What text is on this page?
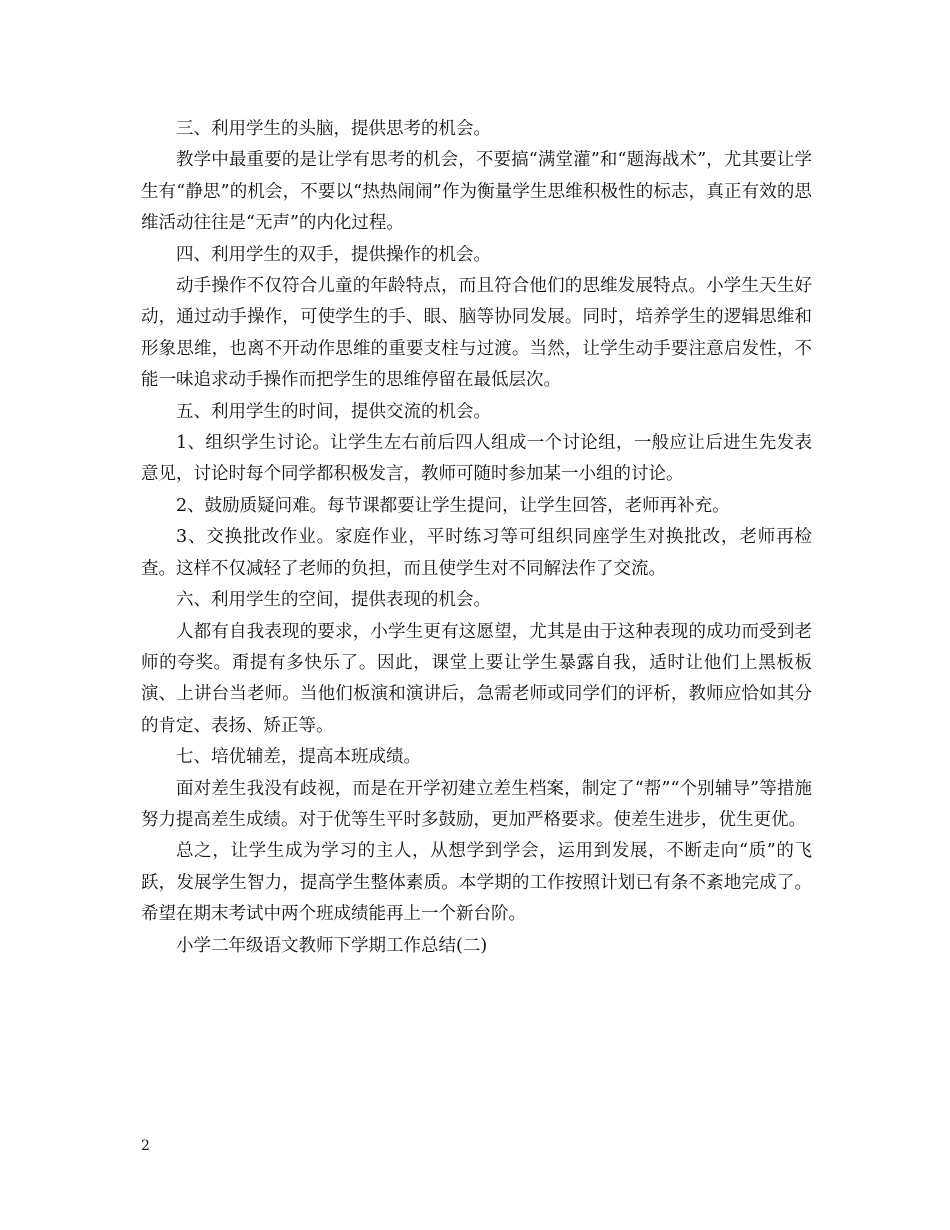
三、利用学生的头脑，提供思考的机会。

教学中最重要的是让学有思考的机会，不要搞“满堂灌”和“题海战术”，尤其要让学生有“静思”的机会，不要以“热热闹闹”作为衡量学生思维积极性的标志，真正有效的思维活动往往是“无声”的内化过程。

四、利用学生的双手，提供操作的机会。

动手操作不仅符合儿童的年龄特点，而且符合他们的思维发展特点。小学生天生好动，通过动手操作，可使学生的手、眼、脑等协同发展。同时，培养学生的逻辑思维和形象思维，也离不开动作思维的重要支柱与过渡。当然，让学生动手要注意启发性，不能一味追求动手操作而把学生的思维停留在最低层次。

五、利用学生的时间，提供交流的机会。

1、组织学生讨论。让学生左右前后四人组成一个讨论组，一般应让后进生先发表意见，讨论时每个同学都积极发言，教师可随时参加某一小组的讨论。

2、鼓励质疑问难。每节课都要让学生提问，让学生回答，老师再补充。

3、交换批改作业。家庭作业，平时练习等可组织同座学生对换批改，老师再检查。这样不仅减轻了老师的负担，而且使学生对不同解法作了交流。

六、利用学生的空间，提供表现的机会。

人都有自我表现的要求，小学生更有这愿望，尤其是由于这种表现的成功而受到老师的夸奖。甭提有多快乐了。因此，课堂上要让学生暴露自我，适时让他们上黑板板演、上讲台当老师。当他们板演和演讲后，急需老师或同学们的评析，教师应恰如其分的肯定、表扬、矫正等。

七、培优辅差，提高本班成绩。

面对差生我没有歧视，而是在开学初建立差生档案，制定了“帮”“个别辅导”等措施努力提高差生成绩。对于优等生平时多鼓励，更加严格要求。使差生进步，优生更优。

总之，让学生成为学习的主人，从想学到学会，运用到发展，不断走向“质”的飞跃，发展学生智力，提高学生整体素质。本学期的工作按照计划已有条不紊地完成了。希望在期末考试中两个班成绩能再上一个新台阶。

小学二年级语文教师下学期工作总结(二)

2
